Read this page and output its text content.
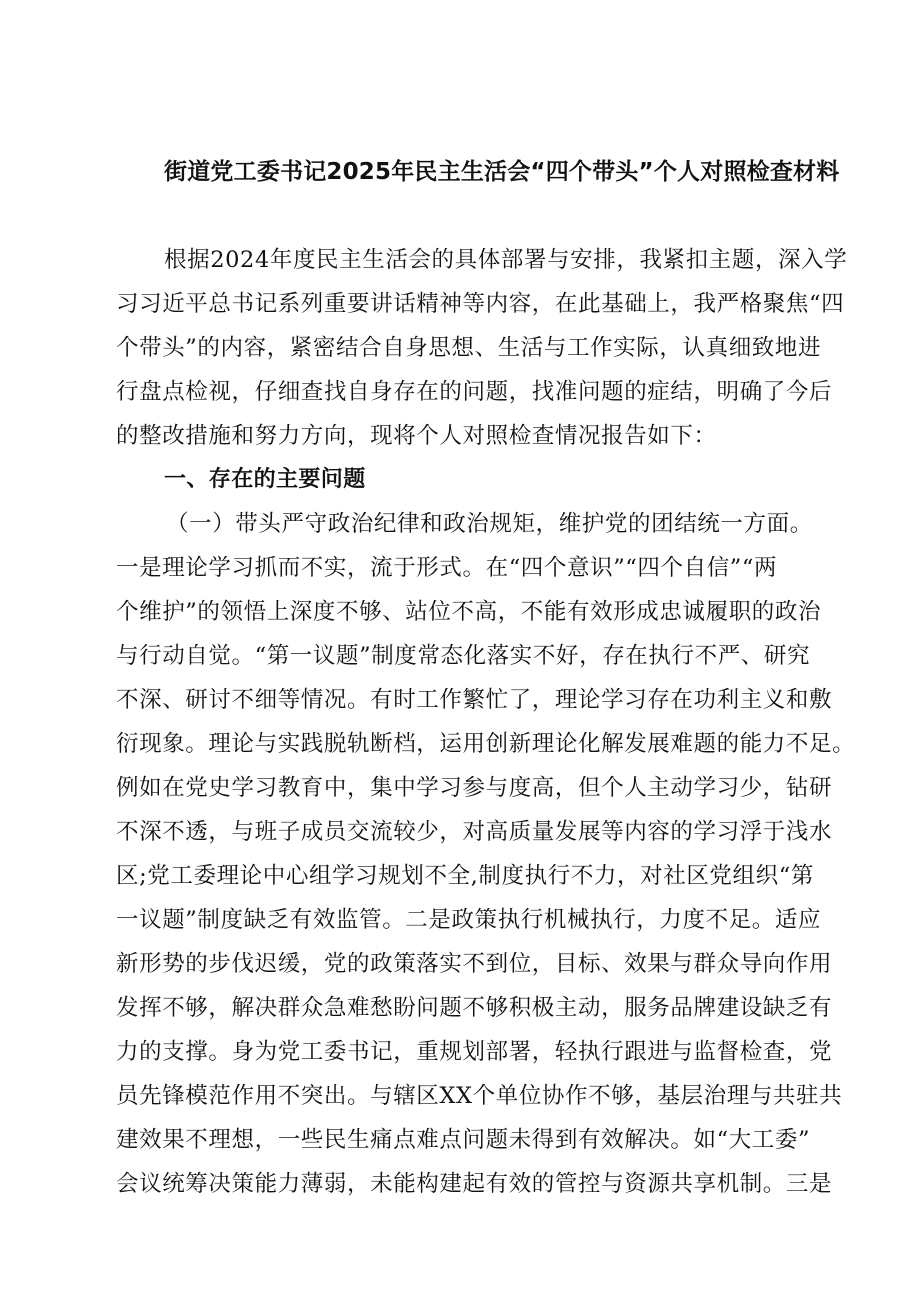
街道党工委书记2025年民主生活会“四个带头”个人对照检查材料
根据2024年度民主生活会的具体部署与安排，我紧扣主题，深入学
习习近平总书记系列重要讲话精神等内容，在此基础上，我严格聚焦“四
个带头”的内容，紧密结合自身思想、生活与工作实际，认真细致地进
行盘点检视，仔细查找自身存在的问题，找准问题的症结，明确了今后
的整改措施和努力方向，现将个人对照检查情况报告如下：
一、存在的主要问题
（一）带头严守政治纪律和政治规矩，维护党的团结统一方面。
一是理论学习抓而不实，流于形式。在“四个意识”“四个自信”“两
个维护”的领悟上深度不够、站位不高，不能有效形成忠诚履职的政治
与行动自觉。“第一议题”制度常态化落实不好，存在执行不严、研究
不深、研讨不细等情况。有时工作繁忙了，理论学习存在功利主义和敷
衍现象。理论与实践脱轨断档，运用创新理论化解发展难题的能力不足。
例如在党史学习教育中，集中学习参与度高，但个人主动学习少，钻研
不深不透，与班子成员交流较少，对高质量发展等内容的学习浮于浅水
区;党工委理论中心组学习规划不全,制度执行不力，对社区党组织“第
一议题”制度缺乏有效监管。二是政策执行机械执行，力度不足。适应
新形势的步伐迟缓，党的政策落实不到位，目标、效果与群众导向作用
发挥不够，解决群众急难愁盼问题不够积极主动，服务品牌建设缺乏有
力的支撑。身为党工委书记，重规划部署，轻执行跟进与监督检查，党
员先锋模范作用不突出。与辖区XX个单位协作不够，基层治理与共驻共
建效果不理想，一些民生痛点难点问题未得到有效解决。如“大工委”
会议统筹决策能力薄弱，未能构建起有效的管控与资源共享机制。三是
